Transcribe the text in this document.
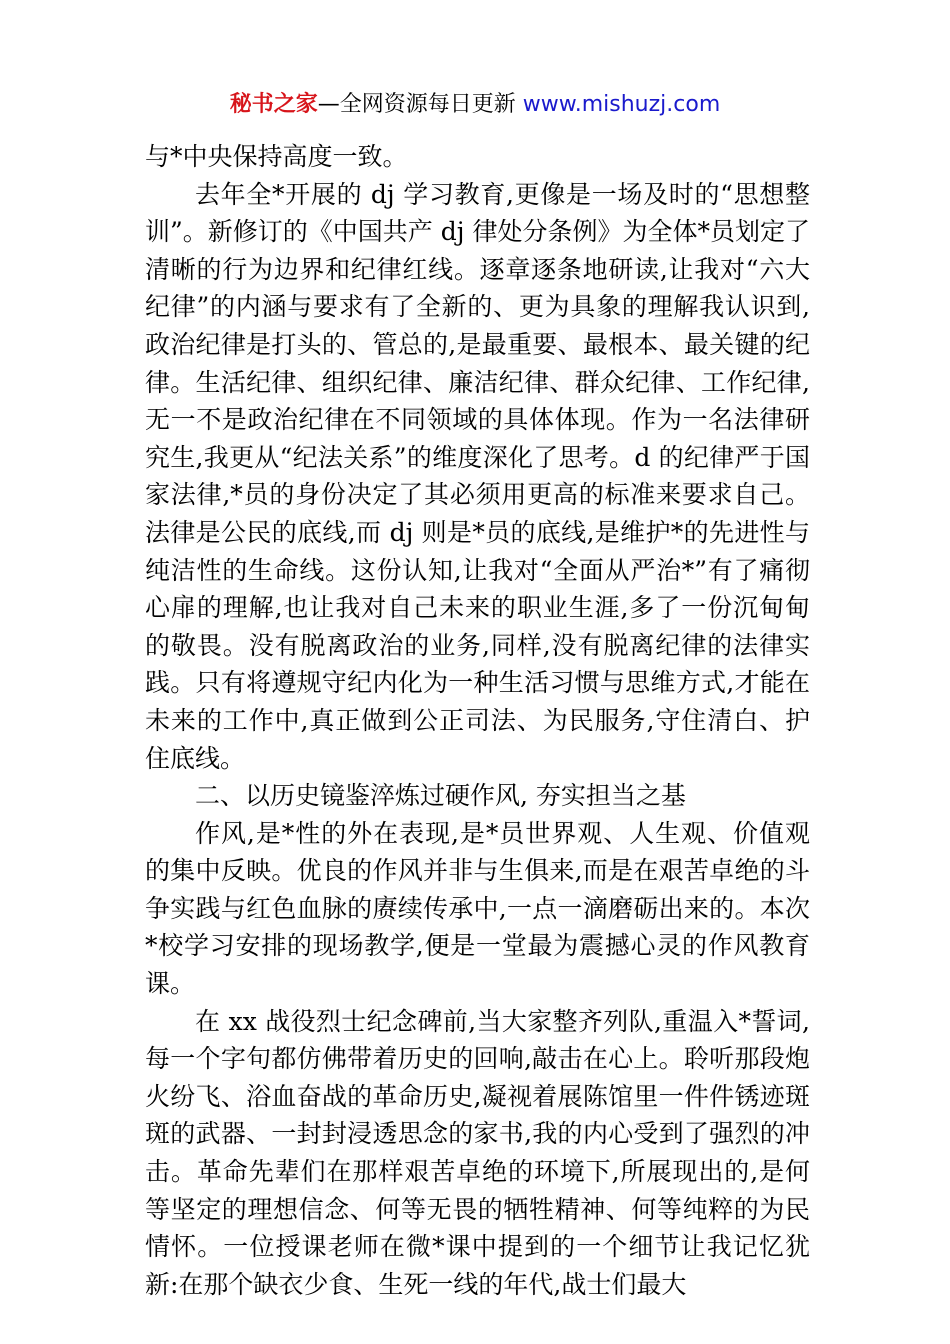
秘书之家—全网资源每日更新 www.mishuzj.com

与*中央保持高度一致。

去年全*开展的 dj 学习教育,更像是一场及时的“思想整训”。新修订的《中国共产 dj 律处分条例》为全体*员划定了清晰的行为边界和纪律红线。逐章逐条地研读,让我对“六大纪律”的内涵与要求有了全新的、更为具象的理解我认识到,政治纪律是打头的、管总的,是最重要、最根本、最关键的纪律。生活纪律、组织纪律、廉洁纪律、群众纪律、工作纪律,无一不是政治纪律在不同领域的具体体现。作为一名法律研究生,我更从“纪法关系”的维度深化了思考。d 的纪律严于国家法律,*员的身份决定了其必须用更高的标准来要求自己。法律是公民的底线,而 dj 则是*员的底线,是维护*的先进性与纯洁性的生命线。这份认知,让我对“全面从严治*”有了痛彻心扉的理解,也让我对自己未来的职业生涯,多了一份沉甸甸的敬畏。没有脱离政治的业务,同样,没有脱离纪律的法律实践。只有将遵规守纪内化为一种生活习惯与思维方式,才能在未来的工作中,真正做到公正司法、为民服务,守住清白、护住底线。

二、以历史镜鉴淬炼过硬作风, 夯实担当之基

作风,是*性的外在表现,是*员世界观、人生观、价值观的集中反映。优良的作风并非与生俱来,而是在艰苦卓绝的斗争实践与红色血脉的赓续传承中,一点一滴磨砺出来的。本次*校学习安排的现场教学,便是一堂最为震撼心灵的作风教育课。

在 xx 战役烈士纪念碑前,当大家整齐列队,重温入*誓词,每一个字句都仿佛带着历史的回响,敲击在心上。聆听那段炮火纷飞、浴血奋战的革命历史,凝视着展陈馆里一件件锈迹斑斑的武器、一封封浸透思念的家书,我的内心受到了强烈的冲击。革命先辈们在那样艰苦卓绝的环境下,所展现出的,是何等坚定的理想信念、何等无畏的牺牲精神、何等纯粹的为民情怀。一位授课老师在微*课中提到的一个细节让我记忆犹新:在那个缺衣少食、生死一线的年代,战士们最大
